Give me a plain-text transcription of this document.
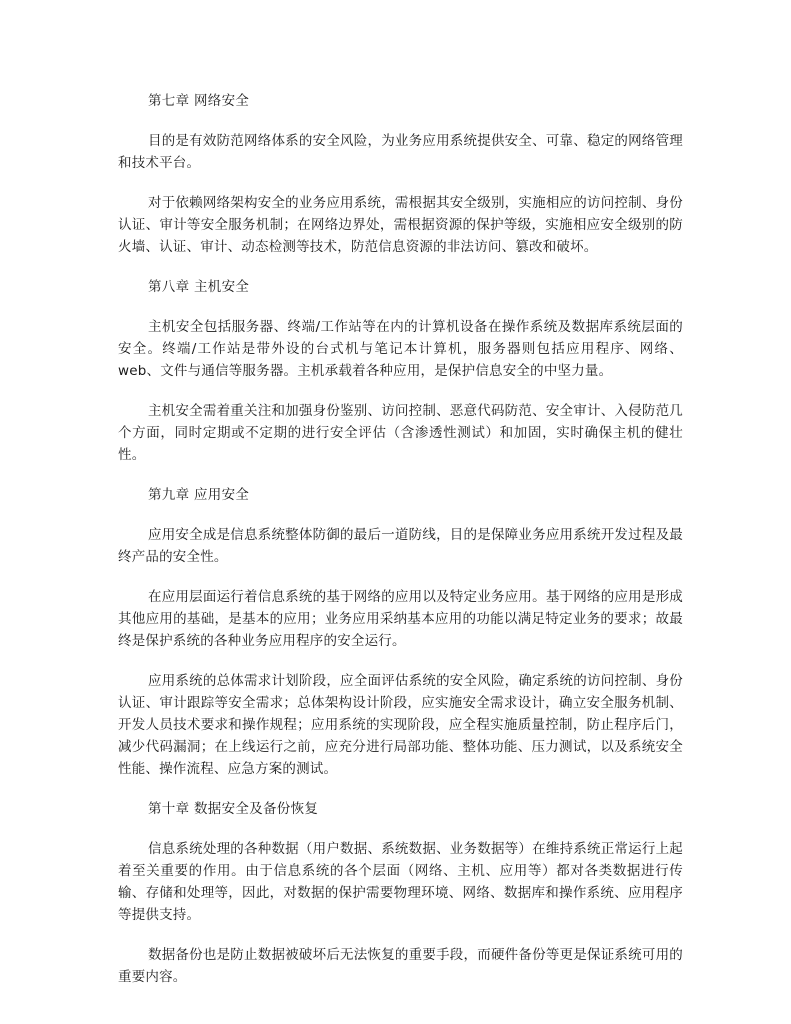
第七章 网络安全

目的是有效防范网络体系的安全风险，为业务应用系统提供安全、可靠、稳定的网络管理和技术平台。

对于依赖网络架构安全的业务应用系统，需根据其安全级别，实施相应的访问控制、身份认证、审计等安全服务机制；在网络边界处，需根据资源的保护等级，实施相应安全级别的防火墙、认证、审计、动态检测等技术，防范信息资源的非法访问、篡改和破坏。

第八章 主机安全

主机安全包括服务器、终端/工作站等在内的计算机设备在操作系统及数据库系统层面的安全。终端/工作站是带外设的台式机与笔记本计算机，服务器则包括应用程序、网络、web、文件与通信等服务器。主机承载着各种应用，是保护信息安全的中坚力量。

主机安全需着重关注和加强身份鉴别、访问控制、恶意代码防范、安全审计、入侵防范几个方面，同时定期或不定期的进行安全评估（含渗透性测试）和加固，实时确保主机的健壮性。

第九章 应用安全

应用安全成是信息系统整体防御的最后一道防线，目的是保障业务应用系统开发过程及最终产品的安全性。

在应用层面运行着信息系统的基于网络的应用以及特定业务应用。基于网络的应用是形成其他应用的基础，是基本的应用；业务应用采纳基本应用的功能以满足特定业务的要求；故最终是保护系统的各种业务应用程序的安全运行。

应用系统的总体需求计划阶段，应全面评估系统的安全风险，确定系统的访问控制、身份认证、审计跟踪等安全需求；总体架构设计阶段，应实施安全需求设计，确立安全服务机制、开发人员技术要求和操作规程；应用系统的实现阶段，应全程实施质量控制，防止程序后门，减少代码漏洞；在上线运行之前，应充分进行局部功能、整体功能、压力测试，以及系统安全性能、操作流程、应急方案的测试。

第十章 数据安全及备份恢复

信息系统处理的各种数据（用户数据、系统数据、业务数据等）在维持系统正常运行上起着至关重要的作用。由于信息系统的各个层面（网络、主机、应用等）都对各类数据进行传输、存储和处理等，因此，对数据的保护需要物理环境、网络、数据库和操作系统、应用程序等提供支持。

数据备份也是防止数据被破坏后无法恢复的重要手段，而硬件备份等更是保证系统可用的重要内容。
